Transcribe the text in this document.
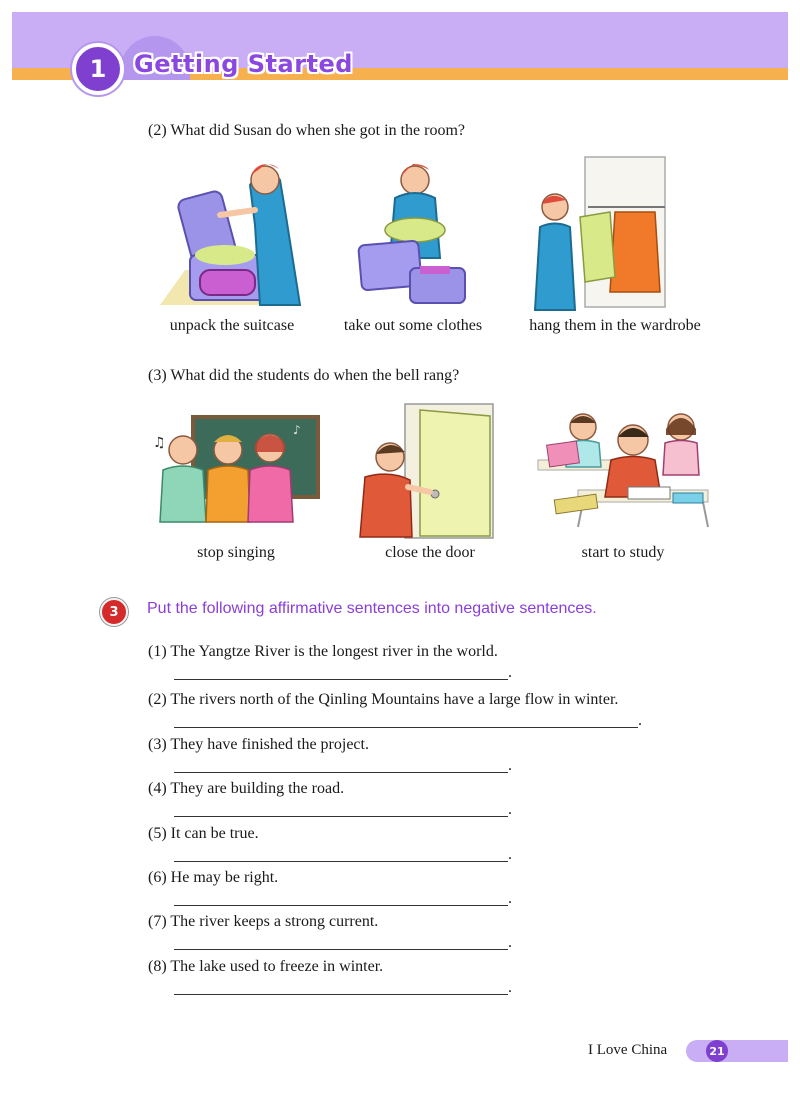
1	Getting Started
(2) What did Susan do when she got in the room?
unpack the suitcase	take out some clothes	hang them in the wardrobe
(3) What did the students do when the bell rang?
♫
♪
stop singing	close the door	start to study
3	Put the following affirmative sentences into negative sentences.
(1) The Yangtze River is the longest river in the world.
.
(2) The rivers north of the Qinling Mountains have a large flow in winter.
.
(3) They have finished the project.
.
(4) They are building the road.
.
(5) It can be true.
.
(6) He may be right.
.
(7) The river keeps a strong current.
.
(8) The lake used to freeze in winter.
.
I Love China	21
